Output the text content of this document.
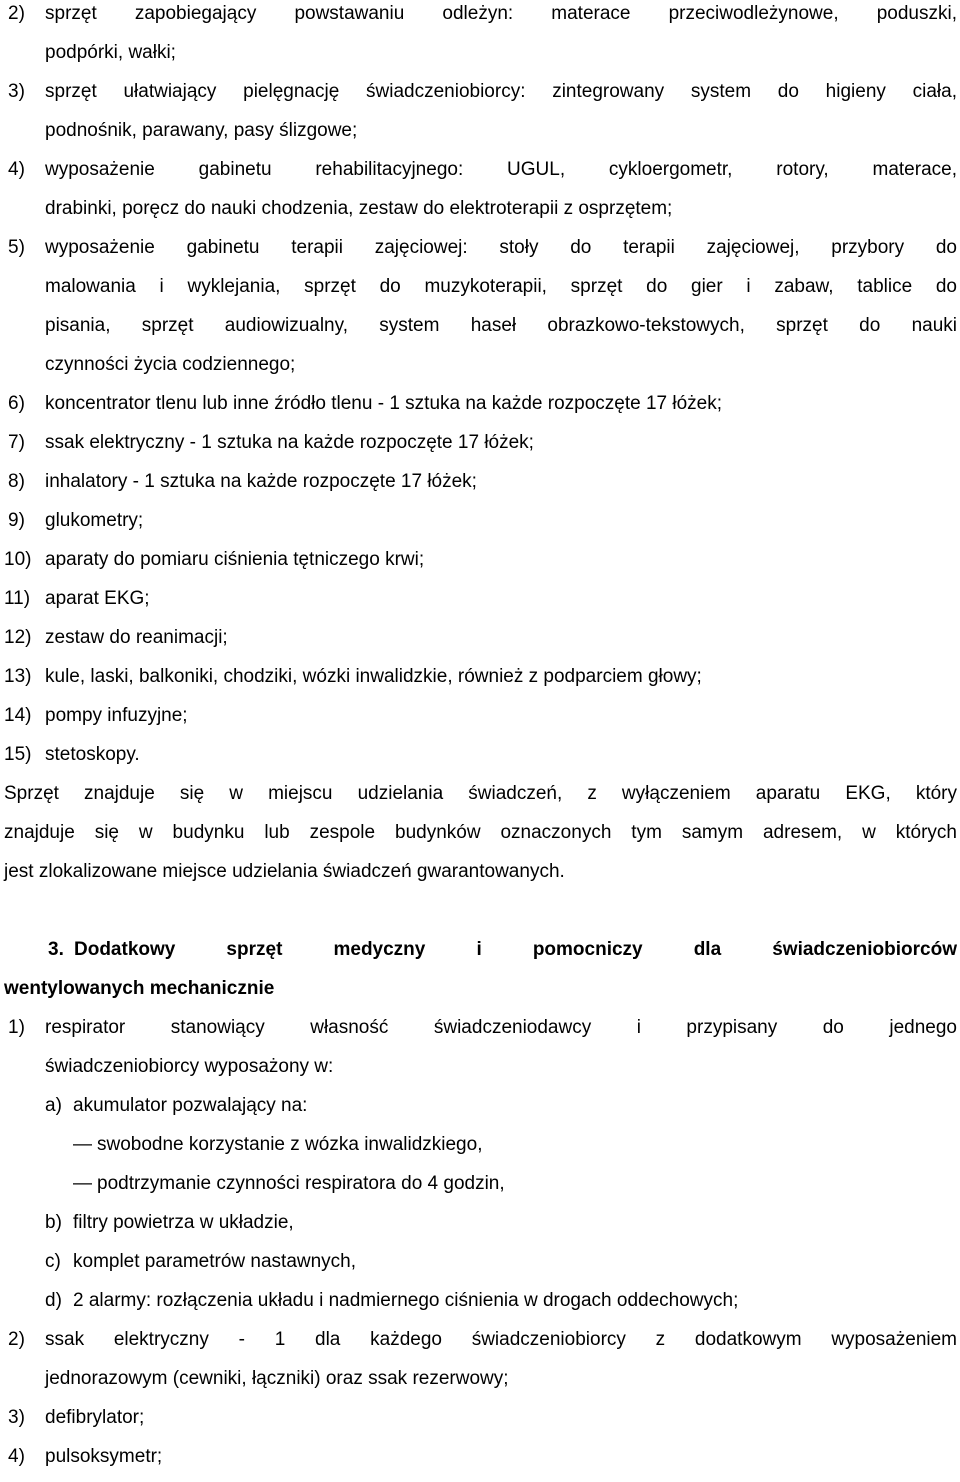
2) sprzęt zapobiegający powstawaniu odleżyn: materace przeciwodleżynowe, poduszki,
podpórki, wałki;
3) sprzęt ułatwiający pielęgnację świadczeniobiorcy: zintegrowany system do higieny ciała,
podnośnik, parawany, pasy ślizgowe;
4) wyposażenie gabinetu rehabilitacyjnego: UGUL, cykloergometr, rotory, materace,
drabinki, poręcz do nauki chodzenia, zestaw do elektroterapii z osprzętem;
5) wyposażenie gabinetu terapii zajęciowej: stoły do terapii zajęciowej, przybory do
malowania i wyklejania, sprzęt do muzykoterapii, sprzęt do gier i zabaw, tablice do
pisania, sprzęt audiowizualny, system haseł obrazkowo-tekstowych, sprzęt do nauki
czynności życia codziennego;
6) koncentrator tlenu lub inne źródło tlenu - 1 sztuka na każde rozpoczęte 17 łóżek;
7) ssak elektryczny - 1 sztuka na każde rozpoczęte 17 łóżek;
8) inhalatory - 1 sztuka na każde rozpoczęte 17 łóżek;
9) glukometry;
10) aparaty do pomiaru ciśnienia tętniczego krwi;
11) aparat EKG;
12) zestaw do reanimacji;
13) kule, laski, balkoniki, chodziki, wózki inwalidzkie, również z podparciem głowy;
14) pompy infuzyjne;
15) stetoskopy.
Sprzęt znajduje się w miejscu udzielania świadczeń, z wyłączeniem aparatu EKG, który
znajduje się w budynku lub zespole budynków oznaczonych tym samym adresem, w których
jest zlokalizowane miejsce udzielania świadczeń gwarantowanych.
3. Dodatkowy sprzęt medyczny i pomocniczy dla świadczeniobiorców
wentylowanych mechanicznie
1) respirator stanowiący własność świadczeniodawcy i przypisany do jednego
świadczeniobiorcy wyposażony w:
a) akumulator pozwalający na:
— swobodne korzystanie z wózka inwalidzkiego,
— podtrzymanie czynności respiratora do 4 godzin,
b) filtry powietrza w układzie,
c) komplet parametrów nastawnych,
d) 2 alarmy: rozłączenia układu i nadmiernego ciśnienia w drogach oddechowych;
2) ssak elektryczny - 1 dla każdego świadczeniobiorcy z dodatkowym wyposażeniem
jednorazowym (cewniki, łączniki) oraz ssak rezerwowy;
3) defibrylator;
4) pulsoksymetr;
